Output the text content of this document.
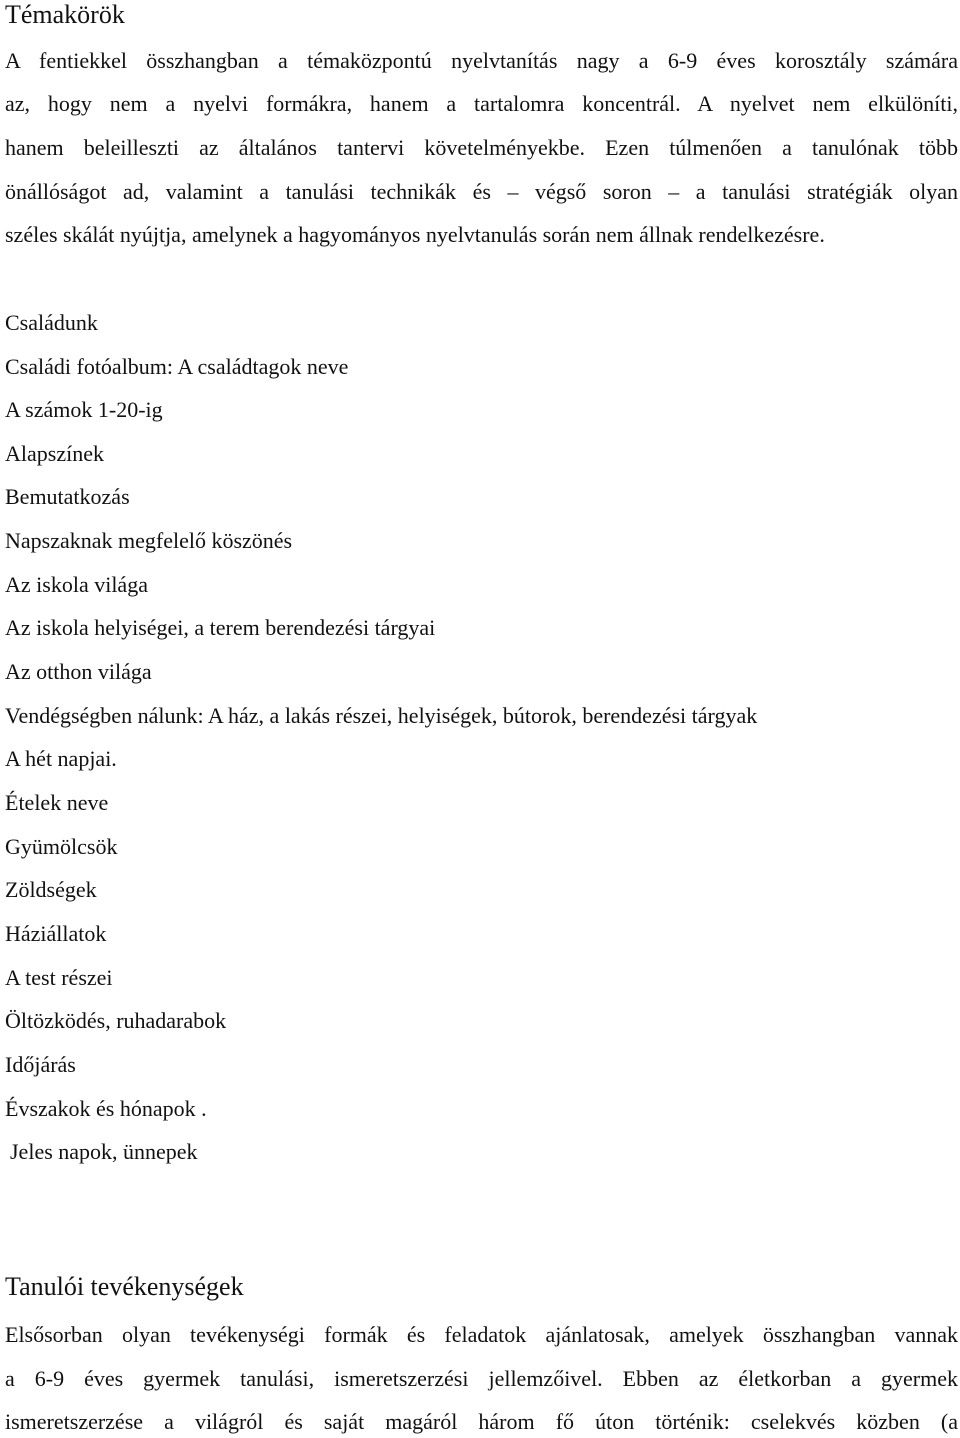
Témakörök
A fentiekkel összhangban a témaközpontú nyelvtanítás nagy a 6-9 éves korosztály számára
az, hogy nem a nyelvi formákra, hanem a tartalomra koncentrál. A nyelvet nem elkülöníti,
hanem beleilleszti az általános tantervi követelményekbe. Ezen túlmenően a tanulónak több
önállóságot ad, valamint a tanulási technikák és – végső soron – a tanulási stratégiák olyan
széles skálát nyújtja, amelynek a hagyományos nyelvtanulás során nem állnak rendelkezésre.
Családunk
Családi fotóalbum: A családtagok neve
A számok 1-20-ig
Alapszínek
Bemutatkozás
Napszaknak megfelelő köszönés
Az iskola világa
Az iskola helyiségei, a terem berendezési tárgyai
Az otthon világa
Vendégségben nálunk: A ház, a lakás részei, helyiségek, bútorok, berendezési tárgyak
A hét napjai.
Ételek neve
Gyümölcsök
Zöldségek
Háziállatok
A test részei
Öltözködés, ruhadarabok
Időjárás
Évszakok és hónapok .
Jeles napok, ünnepek
Tanulói tevékenységek
Elsősorban olyan tevékenységi formák és feladatok ajánlatosak, amelyek összhangban vannak
a 6-9 éves gyermek tanulási, ismeretszerzési jellemzőivel. Ebben az életkorban a gyermek
ismeretszerzése a világról és saját magáról három fő úton történik: cselekvés közben (a
